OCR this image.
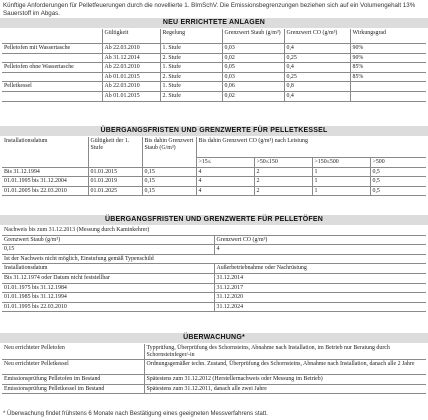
Künftige Anforderungen für Pelletfeuerungen durch die novellierte 1. BImSchV. Die Emissionsbegrenzungen beziehen sich auf ein Volumengehalt 13% Sauerstoff im Abgas.
NEU ERRICHTETE ANLAGEN
	Gültigkeit	Regelung	Grenzwert Staub (g/m³)	Grenzwert CO (g/m³)	Wirkungsgrad
Pelletofen mit Wassertasche	Ab 22.03.2010	1. Stufe	0,03	0,4	90%
	Ab 31.12.2014	2. Stufe	0,02	0,25	90%
Pelletofen ohne Wassertasche	Ab 22.03.2010	1. Stufe	0,05	0,4	85%
	Ab 01.01.2015	2. Stufe	0,03	0,25	85%
Pelletkessel	Ab 22.03.2010	1. Stufe	0,06	0,8	
	Ab 01.01.2015	2. Stufe	0,02	0,4	
ÜBERGANGSFRISTEN UND GRENZWERTE FÜR PELLETKESSEL
Installationsdatum	Gültigkeit der 1. Stufe	Bis dahin Grenzwert Staub (G/m³)	Bis dahin Grenzwert CO (g/m³) nach Leistung			
			>15≤	>50≤150	>150≤500	>500
Bis 31.12.1994	01.01.2015	0,15	4	2	1	0,5
01.01.1995 bis 31.12.2004	01.01.2019	0,15	4	2	1	0,5
01.01.2005 bis 22.03.2010	01.01.2025	0,15	4	2	1	0,5
ÜBERGANGSFRISTEN UND GRENZWERTE FÜR PELLETÖFEN
Nachweis bis zum 31.12.2013 (Messung durch Kaminkehrer)	
Grenzwert Staub (g/m³)	Grenzwert CO (g/m³)
0,15	4
Ist der Nachweis nicht möglich, Einstufung gemäß Typenschild	
Installationsdatum	Außerbetriebnahme oder Nachrüstung
Bis 31.12.1974 oder Datum nicht feststellbar	31.12.2014
01.01.1975 bis 31.12.1984	31.12.2017
01.01.1985 bis 31.12.1994	31.12.2020
01.01.1995 bis 22.03.2010	31.12.2024
ÜBERWACHUNG*
Neu errichteter Pelletofen	Typprüfung, Überprüfung des Schornsteins, Abnahme nach Installation, im Betrieb nur Beratung durch Schornsteinfeger/-in
Neu errichteter Pelletkessel	Ordnungsgemäßer techn. Zustand, Überprüfung des Schornsteins, Abnahme nach Installation, danach alle 2 Jahre
Emissionsprüfung Pelletofen im Bestand	Spätestens zum 31.12.2012 (Herstellernachweis oder Messung im Betrieb)
Emissionsprüfung Pelletkessel im Bestand	Spätestens zum 31.12.2011, danach alle zwei Jahre
* Überwachung findet frühstens 6 Monate nach Bestätigung eines geeigneten Messverfahrens statt.
